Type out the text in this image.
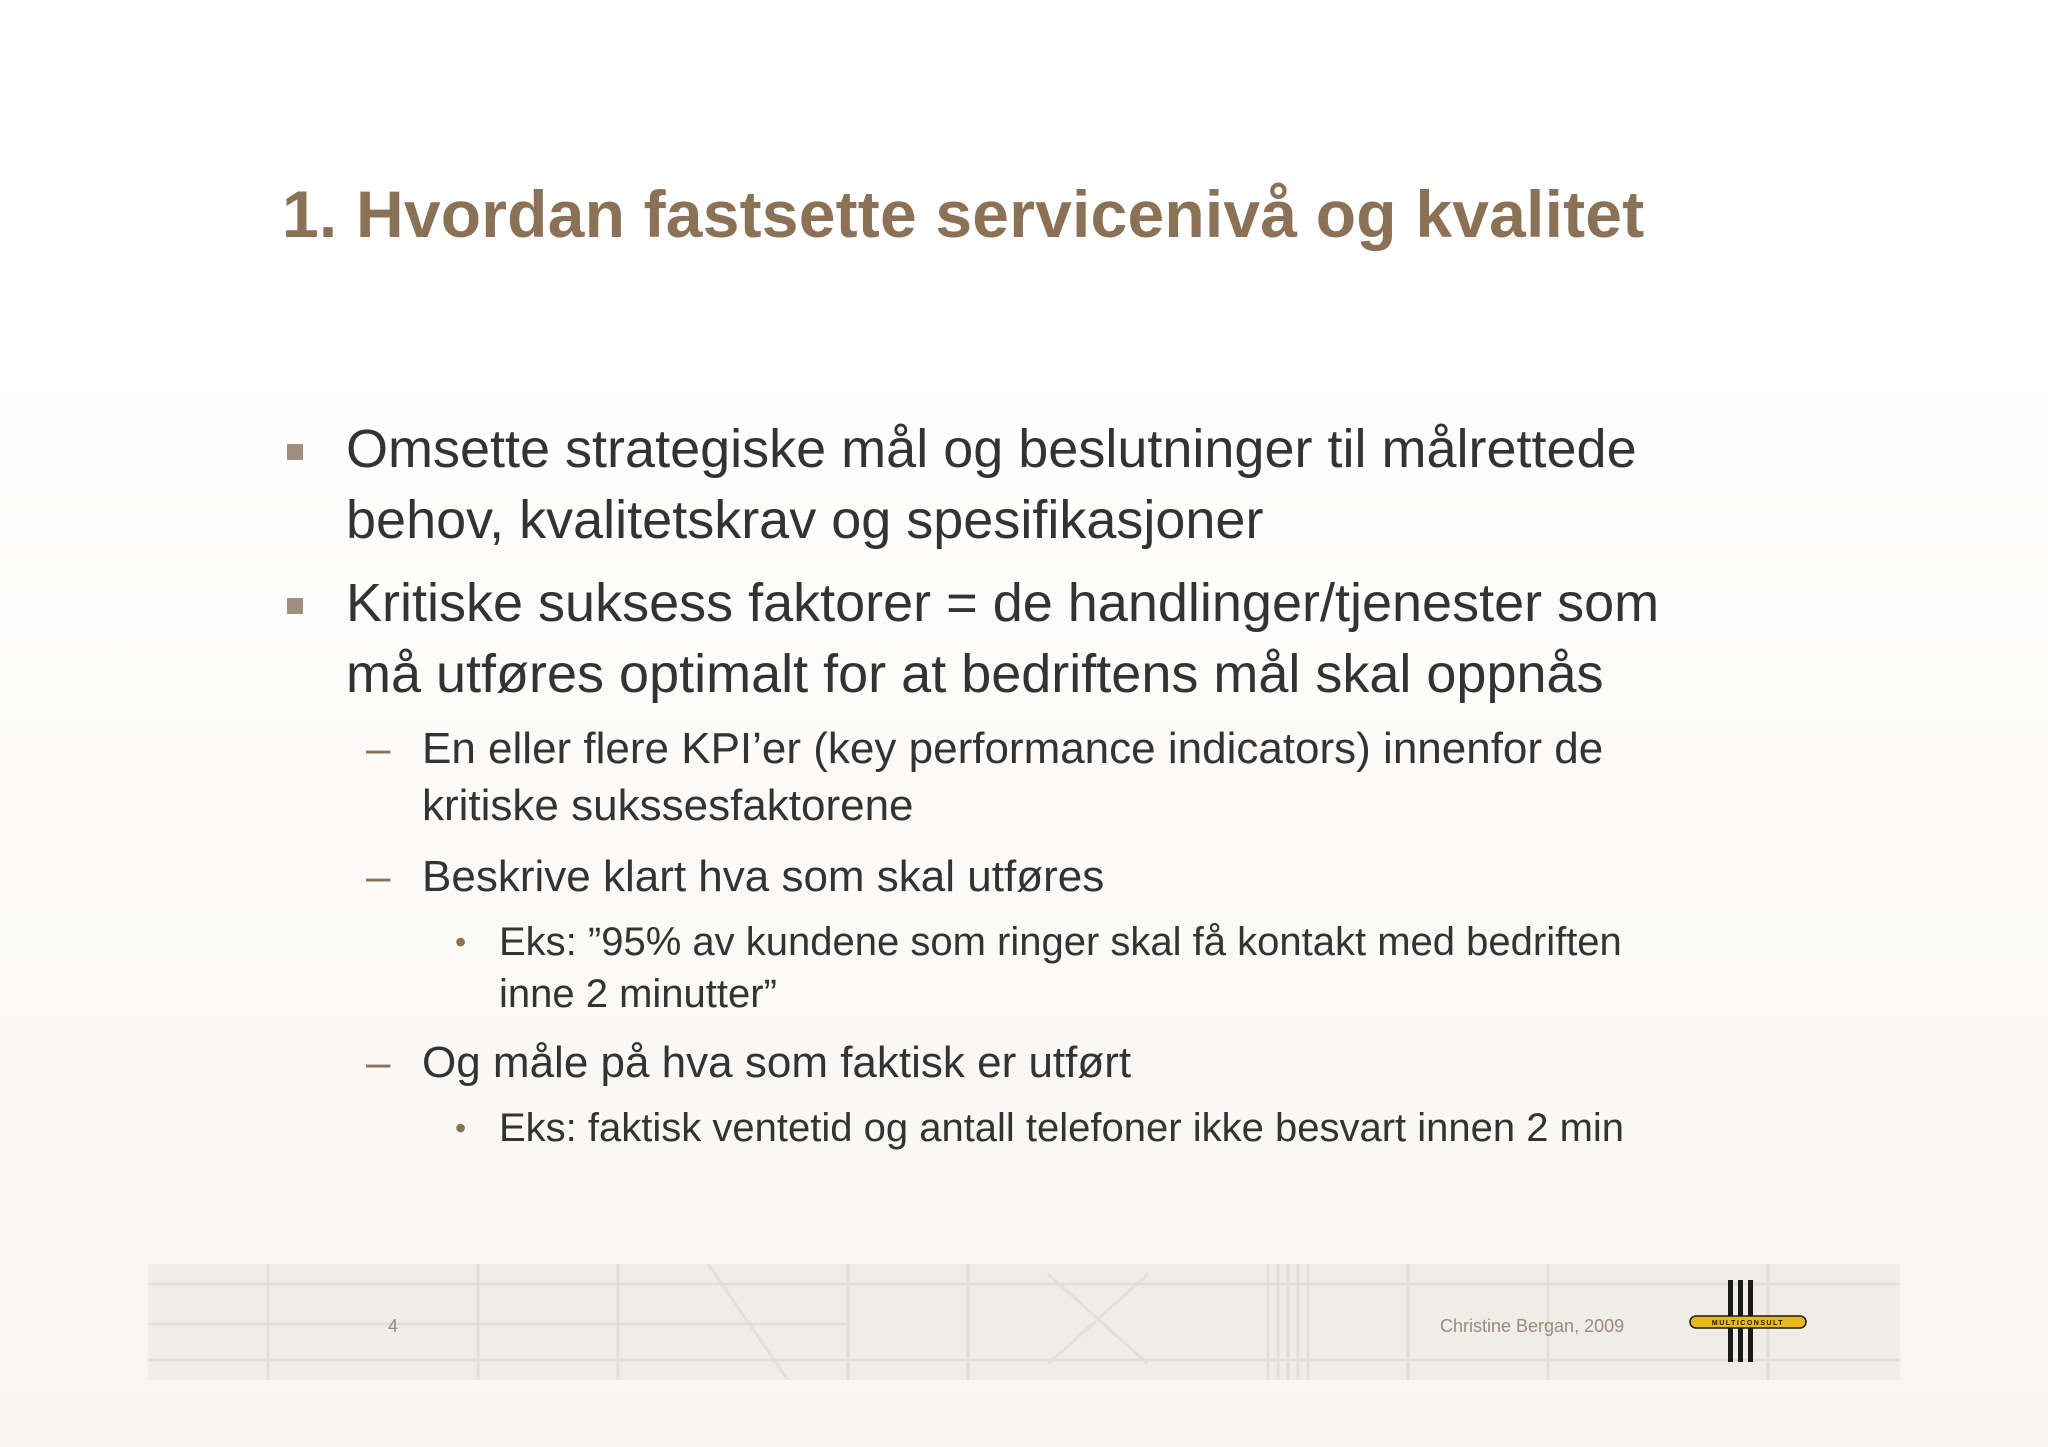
1. Hvordan fastsette servicenivå og kvalitet
Omsette strategiske mål og beslutninger til målrettede
behov, kvalitetskrav og spesifikasjoner
Kritiske suksess faktorer = de handlinger/tjenester som
må utføres optimalt for at bedriftens mål skal oppnås
– En eller flere KPI’er (key performance indicators) innenfor de
kritiske sukssesfaktorene
– Beskrive klart hva som skal utføres
• Eks: ”95% av kundene som ringer skal få kontakt med bedriften
inne 2 minutter”
– Og måle på hva som faktisk er utført
• Eks: faktisk ventetid og antall telefoner ikke besvart innen 2 min
4	Christine Bergan, 2009	MULTICONSULT
